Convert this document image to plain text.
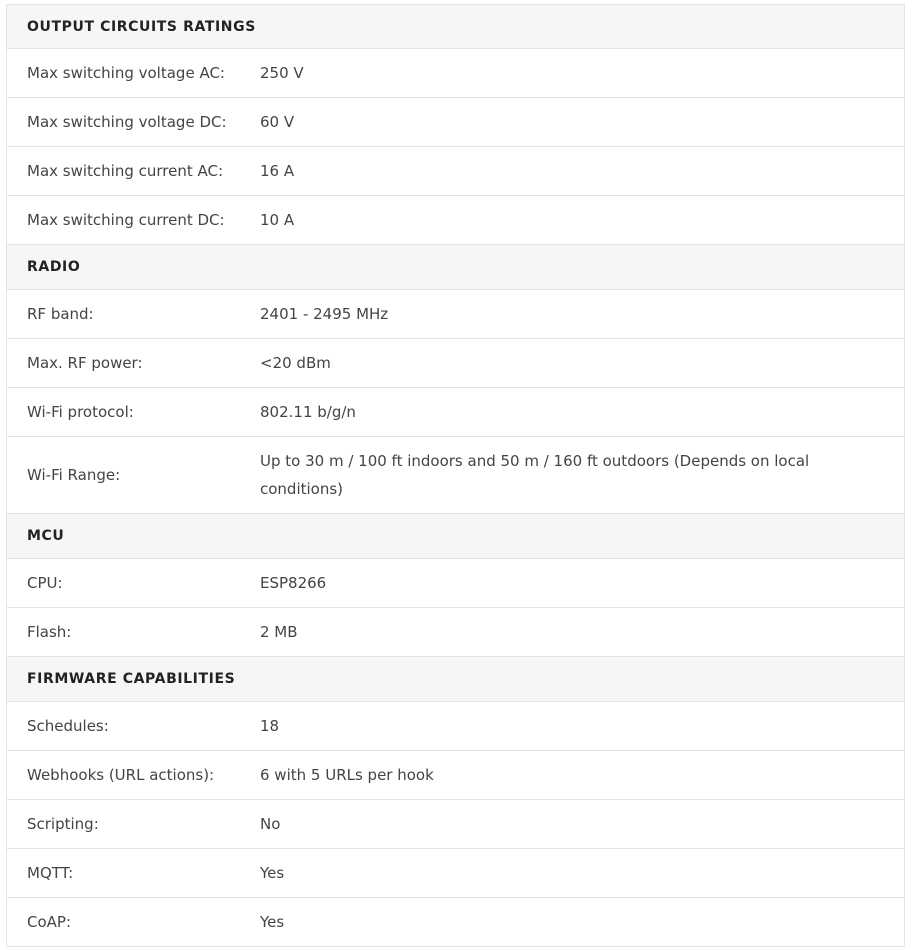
OUTPUT CIRCUITS RATINGS
Max switching voltage AC:	250 V
Max switching voltage DC:	60 V
Max switching current AC:	16 A
Max switching current DC:	10 A
RADIO
RF band:	2401 - 2495 MHz
Max. RF power:	<20 dBm
Wi-Fi protocol:	802.11 b/g/n
Wi-Fi Range:
Up to 30 m / 100 ft indoors and 50 m / 160 ft outdoors (Depends on local conditions)
MCU
CPU:	ESP8266
Flash:	2 MB
FIRMWARE CAPABILITIES
Schedules:	18
Webhooks (URL actions):	6 with 5 URLs per hook
Scripting:	No
MQTT:	Yes
CoAP:	Yes
